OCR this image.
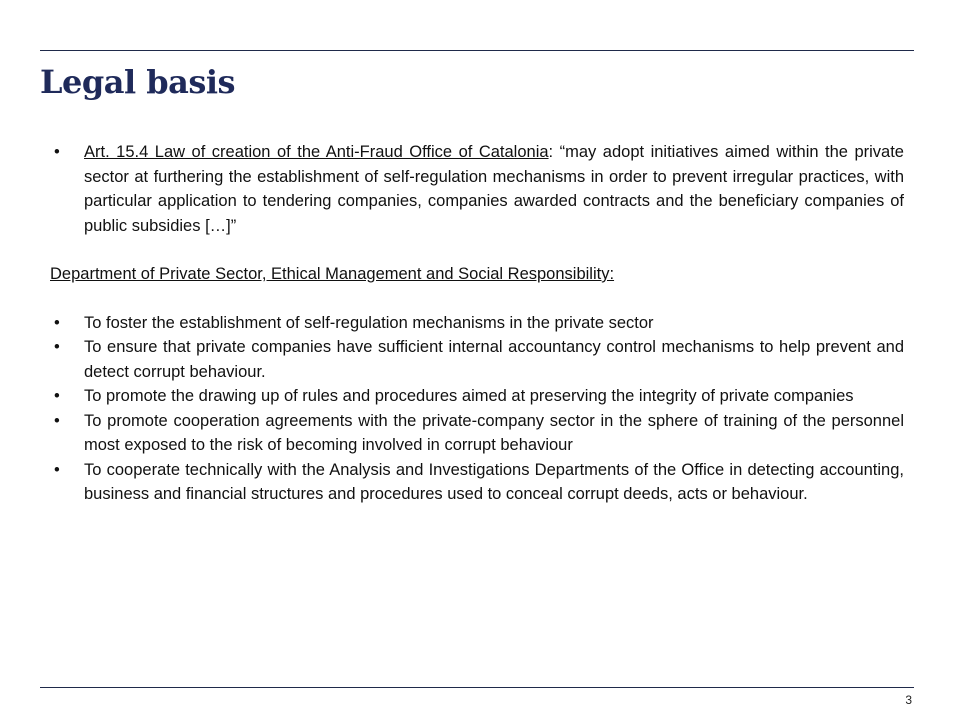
Legal basis
• Art. 15.4 Law of creation of the Anti-Fraud Office of Catalonia: “may adopt initiatives aimed within the private sector at furthering the establishment of self-regulation mechanisms in order to prevent irregular practices, with particular application to tendering companies, companies awarded contracts and the beneficiary companies of public subsidies […]”
Department of Private Sector, Ethical Management and Social Responsibility:
• To foster the establishment of self-regulation mechanisms in the private sector
• To ensure that private companies have sufficient internal accountancy control mechanisms to help prevent and detect corrupt behaviour.
• To promote the drawing up of rules and procedures aimed at preserving the integrity of private companies
• To promote cooperation agreements with the private-company sector in the sphere of training of the personnel most exposed to the risk of becoming involved in corrupt behaviour
• To cooperate technically with the Analysis and Investigations Departments of the Office in detecting accounting, business and financial structures and procedures used to conceal corrupt deeds, acts or behaviour.
3
